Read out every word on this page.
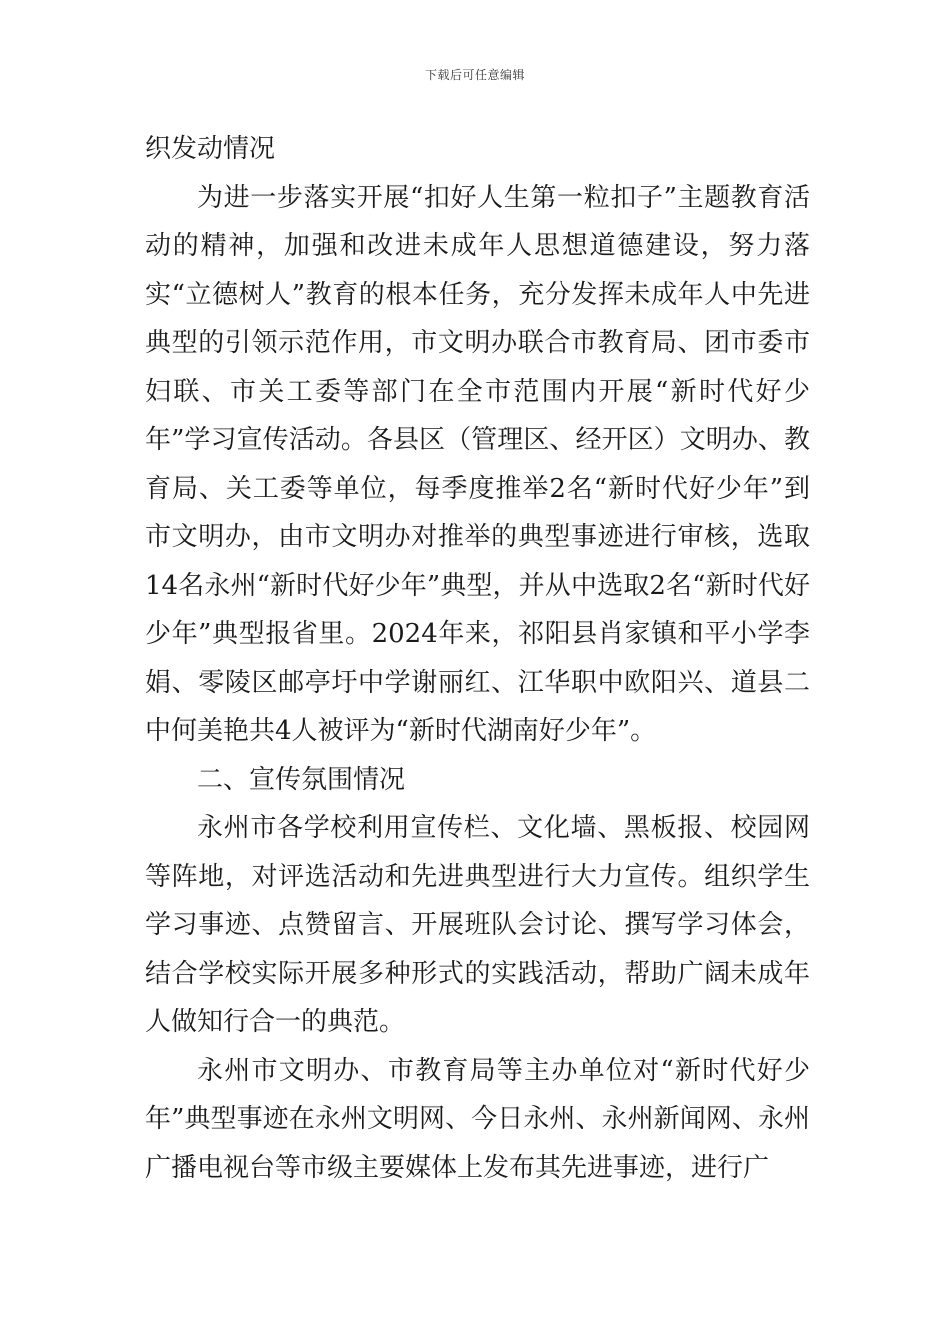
下载后可任意编辑

织发动情况

为进一步落实开展“扣好人生第一粒扣子”主题教育活动的精神，加强和改进未成年人思想道德建设，努力落实“立德树人”教育的根本任务，充分发挥未成年人中先进典型的引领示范作用，市文明办联合市教育局、团市委市妇联、市关工委等部门在全市范围内开展“新时代好少年”学习宣传活动。各县区（管理区、经开区）文明办、教育局、关工委等单位，每季度推举2名“新时代好少年”到市文明办，由市文明办对推举的典型事迹进行审核，选取14名永州“新时代好少年”典型，并从中选取2名“新时代好少年”典型报省里。2024年来，祁阳县肖家镇和平小学李娟、零陵区邮亭圩中学谢丽红、江华职中欧阳兴、道县二中何美艳共4人被评为“新时代湖南好少年”。

二、宣传氛围情况

永州市各学校利用宣传栏、文化墙、黑板报、校园网等阵地，对评选活动和先进典型进行大力宣传。组织学生学习事迹、点赞留言、开展班队会讨论、撰写学习体会，结合学校实际开展多种形式的实践活动，帮助广阔未成年人做知行合一的典范。

永州市文明办、市教育局等主办单位对“新时代好少年”典型事迹在永州文明网、今日永州、永州新闻网、永州广播电视台等市级主要媒体上发布其先进事迹，进行广
